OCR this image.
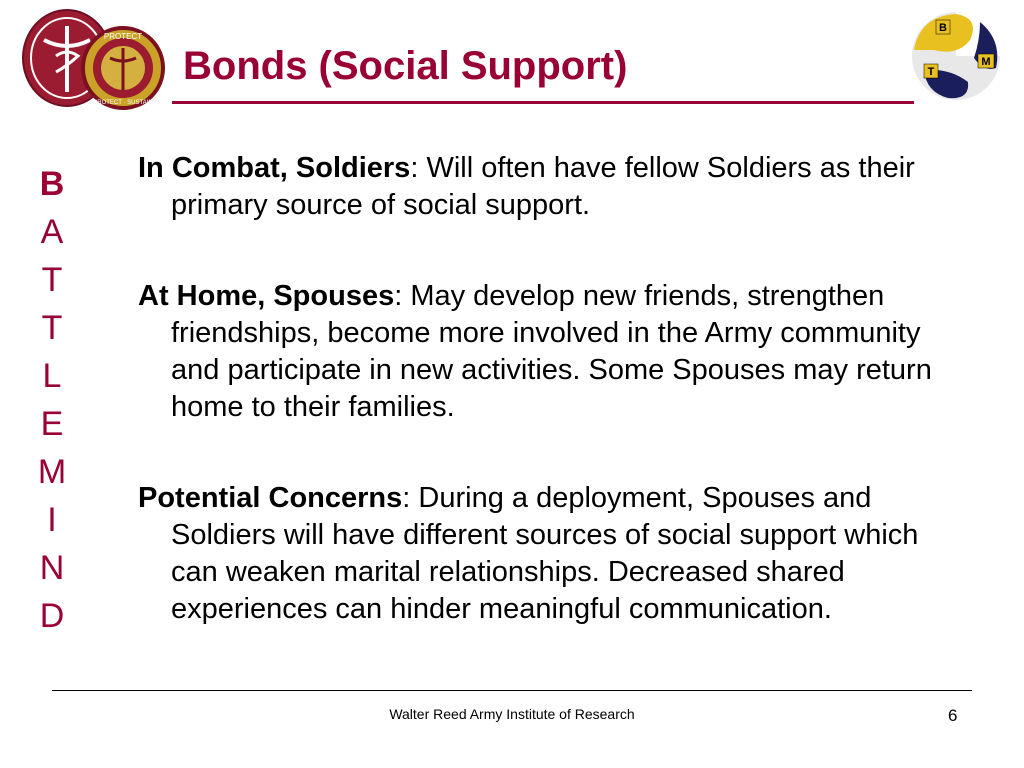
PROTECT
PROTECT · SUSTAIN
Bonds (Social Support)
B
T
M
B
A
T
T
L
E
M
I
N
D

In Combat, Soldiers: Will often have fellow Soldiers as their primary source of social support.

At Home, Spouses: May develop new friends, strengthen friendships, become more involved in the Army community and participate in new activities. Some Spouses may return home to their families.

Potential Concerns: During a deployment, Spouses and Soldiers will have different sources of social support which can weaken marital relationships. Decreased shared experiences can hinder meaningful communication.

Walter Reed Army Institute of Research	6
